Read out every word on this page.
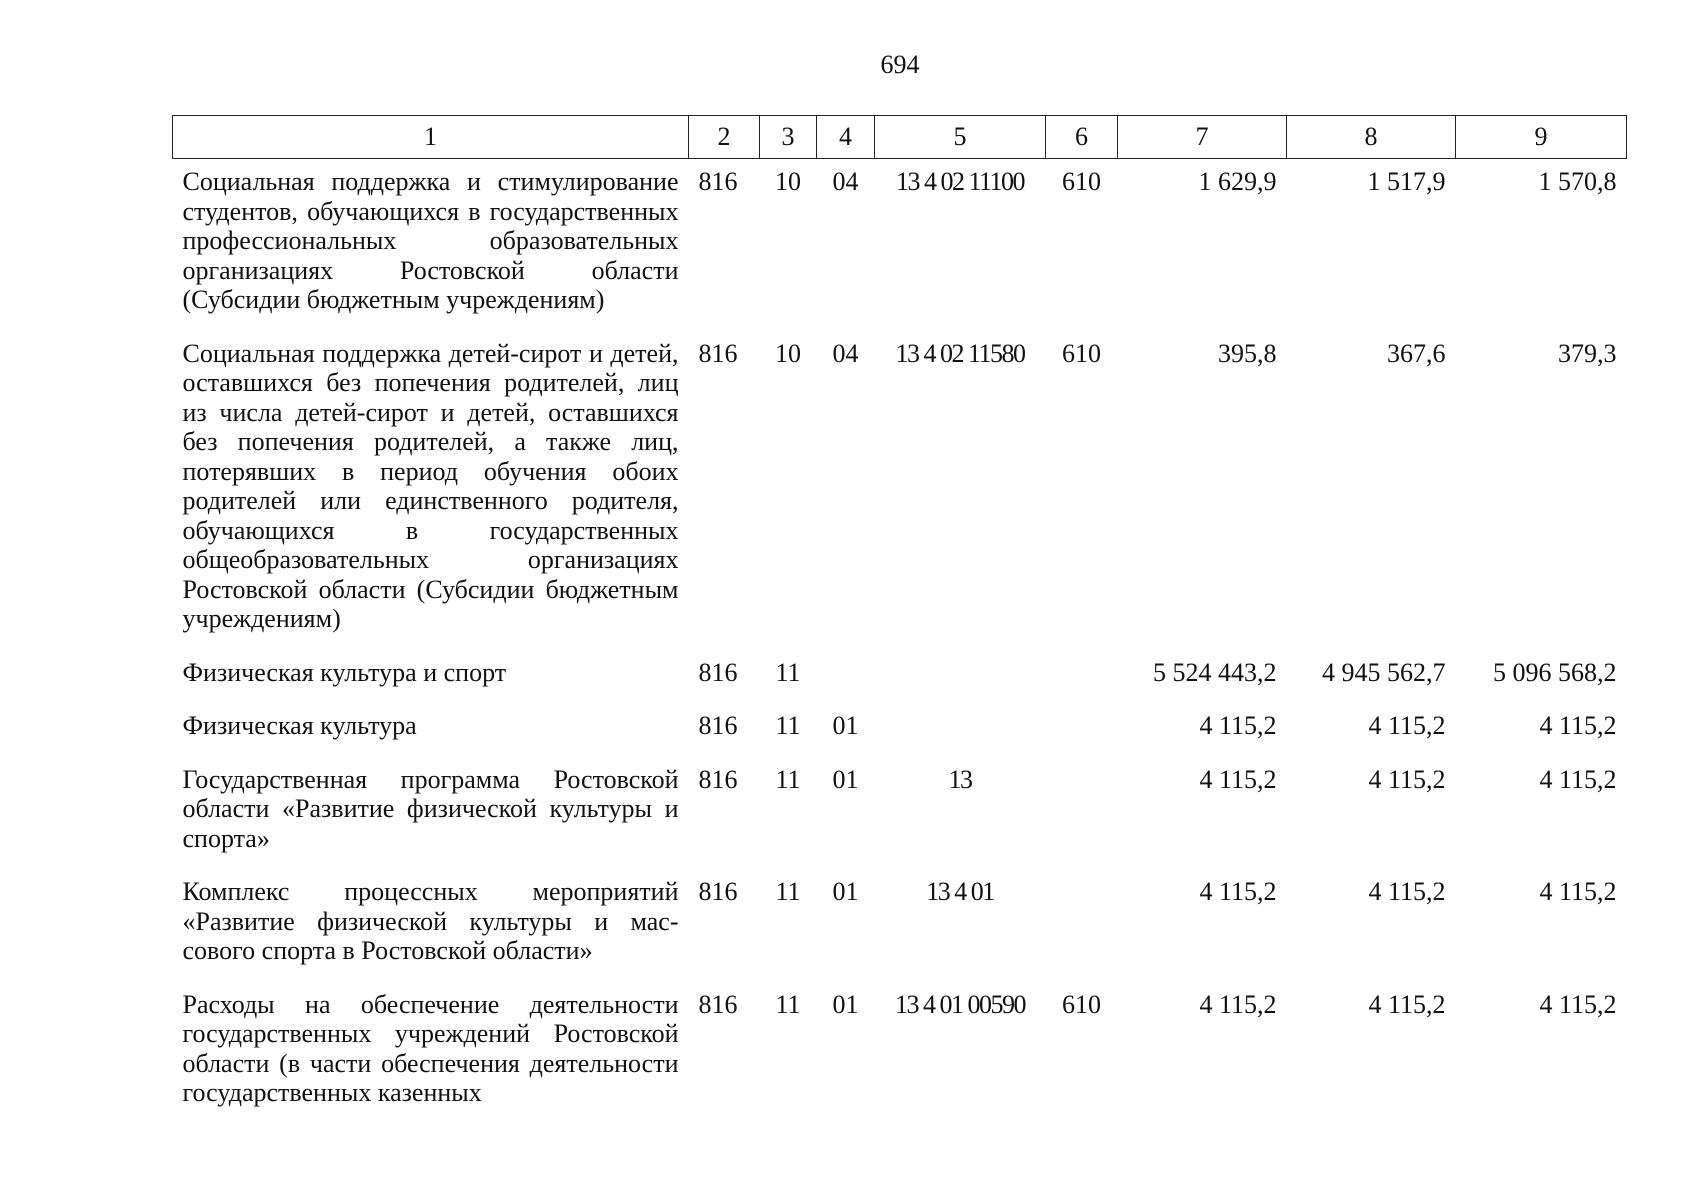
694
1	2	3	4	5	6	7	8	9
Социальная поддержка и стимулирование студентов, обучающихся в государственных профессиональных образовательных организациях Ростовской области (Субсидии бюджетным учреждениям)	816	10	04	13 4 02 11100	610	1 629,9	1 517,9	1 570,8
Социальная поддержка детей-сирот и детей, оставшихся без попечения родителей, лиц из числа детей-сирот и детей, оставшихся без попечения родителей, а также лиц, потерявших в период обучения обоих родителей или единственного родителя, обучающихся в государственных общеобразовательных организациях Ростовской области (Субсидии бюджетным учреждениям)	816	10	04	13 4 02 11580	610	395,8	367,6	379,3
Физическая культура и спорт	816	11				5 524 443,2	4 945 562,7	5 096 568,2
Физическая культура	816	11	01			4 115,2	4 115,2	4 115,2
Государственная программа Ростовской области «Развитие физической культуры и спорта»	816	11	01	13		4 115,2	4 115,2	4 115,2
Комплекс процессных мероприятий «Развитие физической культуры и массового спорта в Ростовской области»	816	11	01	13 4 01		4 115,2	4 115,2	4 115,2
Расходы на обеспечение деятельности государственных учреждений Ростовской области (в части обеспечения деятельности государственных казенных	816	11	01	13 4 01 00590	610	4 115,2	4 115,2	4 115,2
